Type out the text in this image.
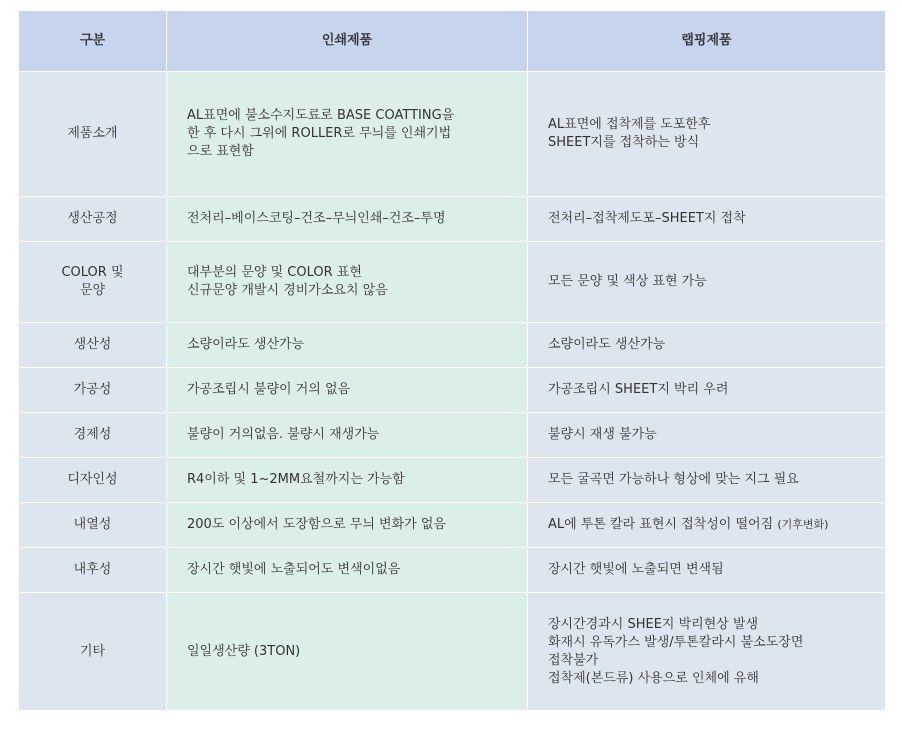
구분	인쇄제품	랩핑제품

제품소개	AL표면에 불소수지도료로 BASE COATTING을
한 후 다시 그위에 ROLLER로 무늬를 인쇄기법
으로 표현함	AL표면에 접착제를 도포한후
SHEET지를 접착하는 방식

생산공정	전처리–베이스코팅–건조–무늬인쇄–건조–투명	전처리–접착제도포–SHEET지 접착

COLOR 및
문양	대부분의 문양 및 COLOR 표현
신규문양 개발시 경비가소요치 않음	모든 문양 및 색상 표현 가능

생산성	소량이라도 생산가능	소량이라도 생산가능

가공성	가공조립시 불량이 거의 없음	가공조립시 SHEET지 박리 우려

경제성	불량이 거의없음. 불량시 재생가능	불량시 재생 불가능

디자인성	R4이하 및 1~2MM요철까지는 가능함	모든 굴곡면 가능하나 형상에 맞는 지그 필요

내열성	200도 이상에서 도장함으로 무늬 변화가 없음	AL에 투톤 칼라 표현시 접착성이 떨어짐 (기후변화)

내후성	장시간 햇빛에 노출되어도 변색이없음	장시간 햇빛에 노출되면 변색됨

기타	일일생산량 (3TON)	장시간경과시 SHEE지 박리현상 발생
화재시 유독가스 발생/투톤칼라시 불소도장면
접착불가
접착제(본드류) 사용으로 인체에 유해
